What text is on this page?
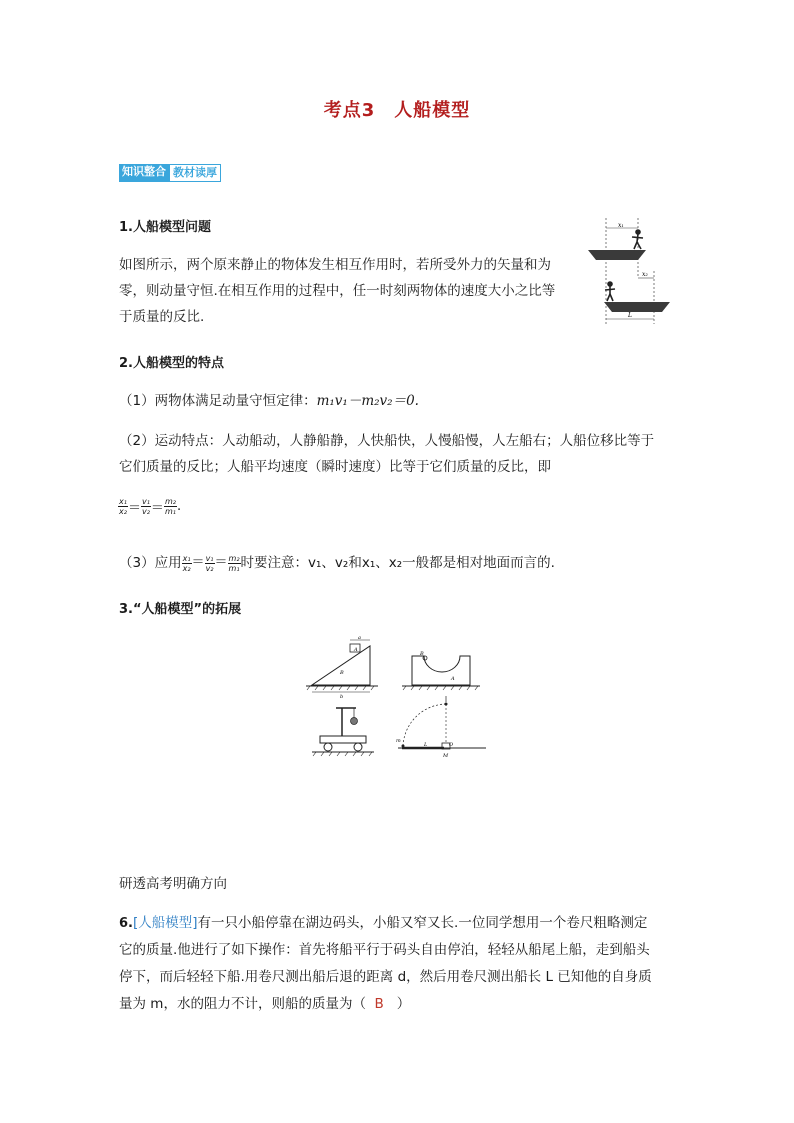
考点3　人船模型
知识整合 教材读厚
1.人船模型问题
如图所示，两个原来静止的物体发生相互作用时，若所受外力的矢量和为
零，则动量守恒.在相互作用的过程中，任一时刻两物体的速度大小之比等
于质量的反比.
x₁
x₂
L
2.人船模型的特点
（1）两物体满足动量守恒定律：m₁v₁－m₂v₂＝0.
（2）运动特点：人动船动，人静船静，人快船快，人慢船慢，人左船右；人船位移比等于
它们质量的反比；人船平均速度（瞬时速度）比等于它们质量的反比，即
$\frac{\text{x₁}}{\text{x₂}} = \frac{\text{v₁}}{\text{v₂}} = \frac{\text{m₂}}{\text{m₁}}$ .
（3）应用 $\frac{\text{x₁}}{\text{x₂}} = \frac{\text{v₁}}{\text{v₂}} = \frac{\text{m₂}}{\text{m₁}}$ 时要注意：v₁、v₂和x₁、x₂一般都是相对地面而言的.
3.“人船模型”的拓展
a
A
B
b
B
A
m
L	O
M
研透高考明确方向
6.[人船模型]有一只小船停靠在湖边码头，小船又窄又长.一位同学想用一个卷尺粗略测定
它的质量.他进行了如下操作：首先将船平行于码头自由停泊，轻轻从船尾上船，走到船头
停下，而后轻轻下船.用卷尺测出船后退的距离 d，然后用卷尺测出船长 L 已知他的自身质
量为 m，水的阻力不计，则船的质量为（ B ）
